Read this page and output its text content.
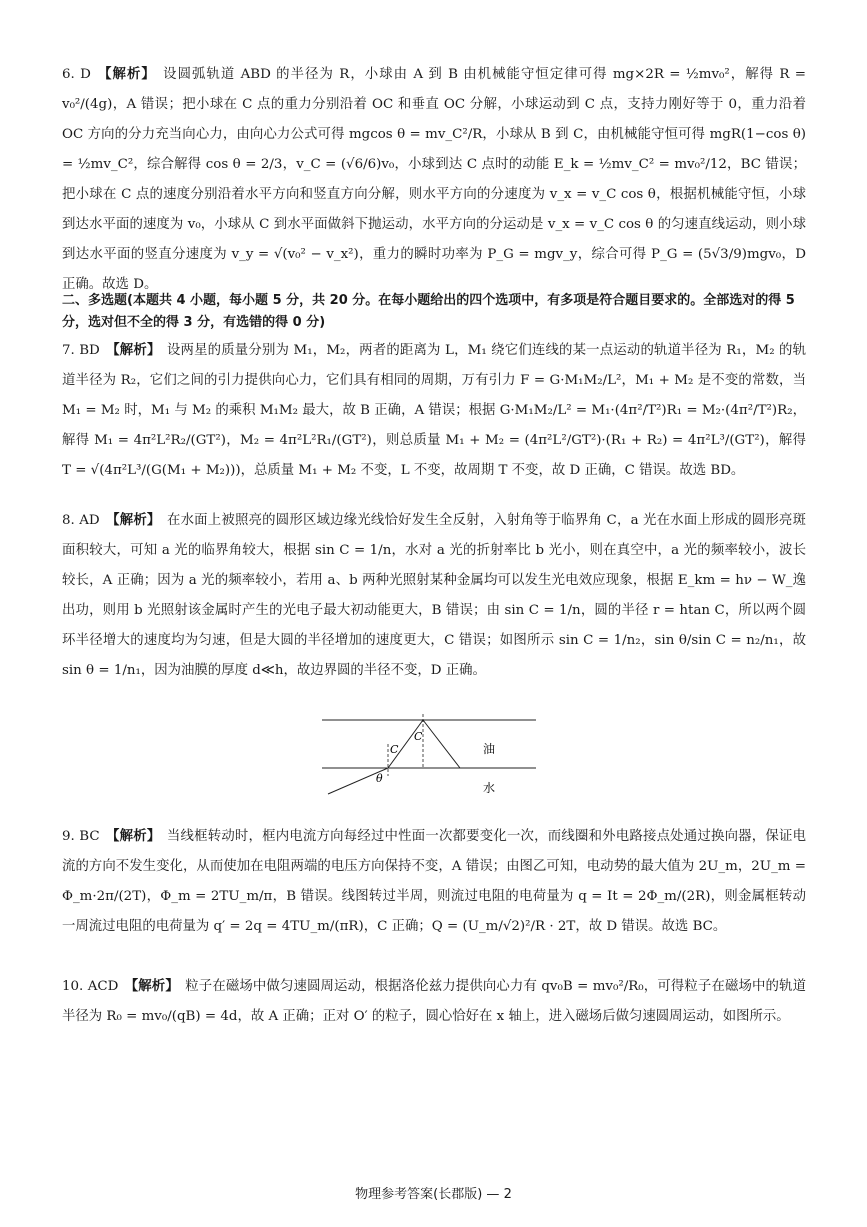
6. D 【解析】 设圆弧轨道 ABD 的半径为 R，小球由 A 到 B 由机械能守恒定律可得 mg×2R = ½mv₀²，解得 R = v₀²/(4g)，A 错误；把小球在 C 点的重力分别沿着 OC 和垂直 OC 分解，小球运动到 C 点，支持力刚好等于 0，重力沿着 OC 方向的分力充当向心力，由向心力公式可得 mgcos θ = mv_C²/R，小球从 B 到 C，由机械能守恒可得 mgR(1−cos θ) = ½mv_C²，综合解得 cos θ = 2/3，v_C = (√6/6)v₀，小球到达 C 点时的动能 E_k = ½mv_C² = mv₀²/12，BC 错误；把小球在 C 点的速度分别沿着水平方向和竖直方向分解，则水平方向的分速度为 v_x = v_C cos θ，根据机械能守恒，小球到达水平面的速度为 v₀，小球从 C 到水平面做斜下抛运动，水平方向的分运动是 v_x = v_C cos θ 的匀速直线运动，则小球到达水平面的竖直分速度为 v_y = √(v₀² − v_x²)，重力的瞬时功率为 P_G = mgv_y，综合可得 P_G = (5√3/9)mgv₀，D 正确。故选 D。

二、多选题(本题共 4 小题，每小题 5 分，共 20 分。在每小题给出的四个选项中，有多项是符合题目要求的。全部选对的得 5 分，选对但不全的得 3 分，有选错的得 0 分)

7. BD 【解析】 设两星的质量分别为 M₁，M₂，两者的距离为 L，M₁ 绕它们连线的某一点运动的轨道半径为 R₁，M₂ 的轨道半径为 R₂，它们之间的引力提供向心力，它们具有相同的周期，万有引力 F = G·M₁M₂/L²，M₁ + M₂ 是不变的常数，当 M₁ = M₂ 时，M₁ 与 M₂ 的乘积 M₁M₂ 最大，故 B 正确，A 错误；根据 G·M₁M₂/L² = M₁·(4π²/T²)R₁ = M₂·(4π²/T²)R₂，解得 M₁ = 4π²L²R₂/(GT²)，M₂ = 4π²L²R₁/(GT²)，则总质量 M₁ + M₂ = (4π²L²/GT²)·(R₁ + R₂) = 4π²L³/(GT²)，解得 T = √(4π²L³/(G(M₁ + M₂)))，总质量 M₁ + M₂ 不变，L 不变，故周期 T 不变，故 D 正确，C 错误。故选 BD。

8. AD 【解析】 在水面上被照亮的圆形区域边缘光线恰好发生全反射，入射角等于临界角 C，a 光在水面上形成的圆形亮斑面积较大，可知 a 光的临界角较大，根据 sin C = 1/n，水对 a 光的折射率比 b 光小，则在真空中，a 光的频率较小，波长较长，A 正确；因为 a 光的频率较小，若用 a、b 两种光照射某种金属均可以发生光电效应现象，根据 E_km = hν − W_逸出功，则用 b 光照射该金属时产生的光电子最大初动能更大，B 错误；由 sin C = 1/n，圆的半径 r = htan C，所以两个圆环半径增大的速度均为匀速，但是大圆的半径增加的速度更大，C 错误；如图所示 sin C = 1/n₂，sin θ/sin C = n₂/n₁，故 sin θ = 1/n₁，因为油膜的厚度 d≪h，故边界圆的半径不变，D 正确。

C
C
θ
油
水

9. BC 【解析】 当线框转动时，框内电流方向每经过中性面一次都要变化一次，而线圈和外电路接点处通过换向器，保证电流的方向不发生变化，从而使加在电阻两端的电压方向保持不变，A 错误；由图乙可知，电动势的最大值为 2U_m，2U_m = Φ_m·2π/(2T)，Φ_m = 2TU_m/π，B 错误。线图转过半周，则流过电阻的电荷量为 q = It = 2Φ_m/(2R)，则金属框转动一周流过电阻的电荷量为 q′ = 2q = 4TU_m/(πR)，C 正确；Q = (U_m/√2)²/R · 2T，故 D 错误。故选 BC。

10. ACD 【解析】 粒子在磁场中做匀速圆周运动，根据洛伦兹力提供向心力有 qv₀B = mv₀²/R₀，可得粒子在磁场中的轨道半径为 R₀ = mv₀/(qB) = 4d，故 A 正确；正对 O′ 的粒子，圆心恰好在 x 轴上，进入磁场后做匀速圆周运动，如图所示。

物理参考答案(长郡版) — 2
